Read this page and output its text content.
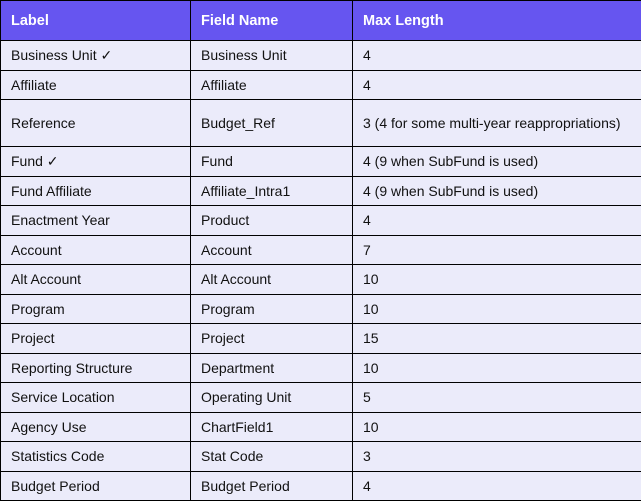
Label	Field Name	Max Length
Business Unit ✓	Business Unit	4
Affiliate	Affiliate	4
Reference	Budget_Ref	3 (4 for some multi-year reappropriations)
Fund ✓	Fund	4 (9 when SubFund is used)
Fund Affiliate	Affiliate_Intra1	4 (9 when SubFund is used)
Enactment Year	Product	4
Account	Account	7
Alt Account	Alt Account	10
Program	Program	10
Project	Project	15
Reporting Structure	Department	10
Service Location	Operating Unit	5
Agency Use	ChartField1	10
Statistics Code	Stat Code	3
Budget Period	Budget Period	4
